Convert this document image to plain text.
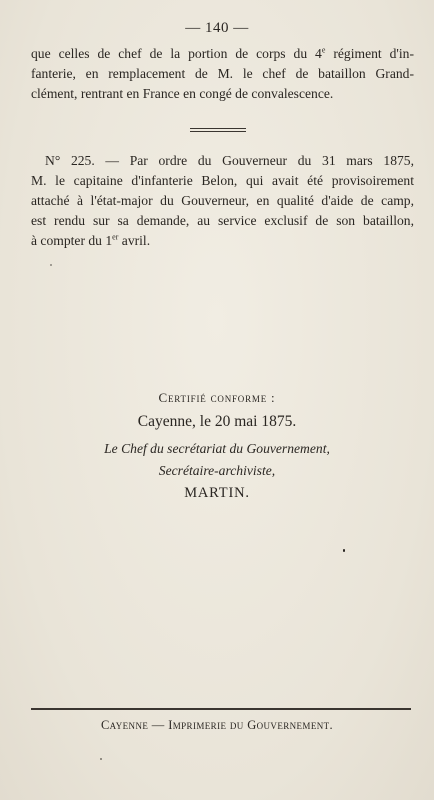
— 140 —
que celles de chef de la portion de corps du 4e régiment d'in-
fanterie, en remplacement de M. le chef de bataillon Grand-
clément, rentrant en France en congé de convalescence.
N° 225. — Par ordre du Gouverneur du 31 mars 1875,
M. le capitaine d'infanterie Belon, qui avait été provisoirement
attaché à l'état-major du Gouverneur, en qualité d'aide de camp,
est rendu sur sa demande, au service exclusif de son bataillon,
à compter du 1er avril.
Certifié conforme :
Cayenne, le 20 mai 1875.
Le Chef du secrétariat du Gouvernement,
Secrétaire-archiviste,
MARTIN.
Cayenne — Imprimerie du Gouvernement.
